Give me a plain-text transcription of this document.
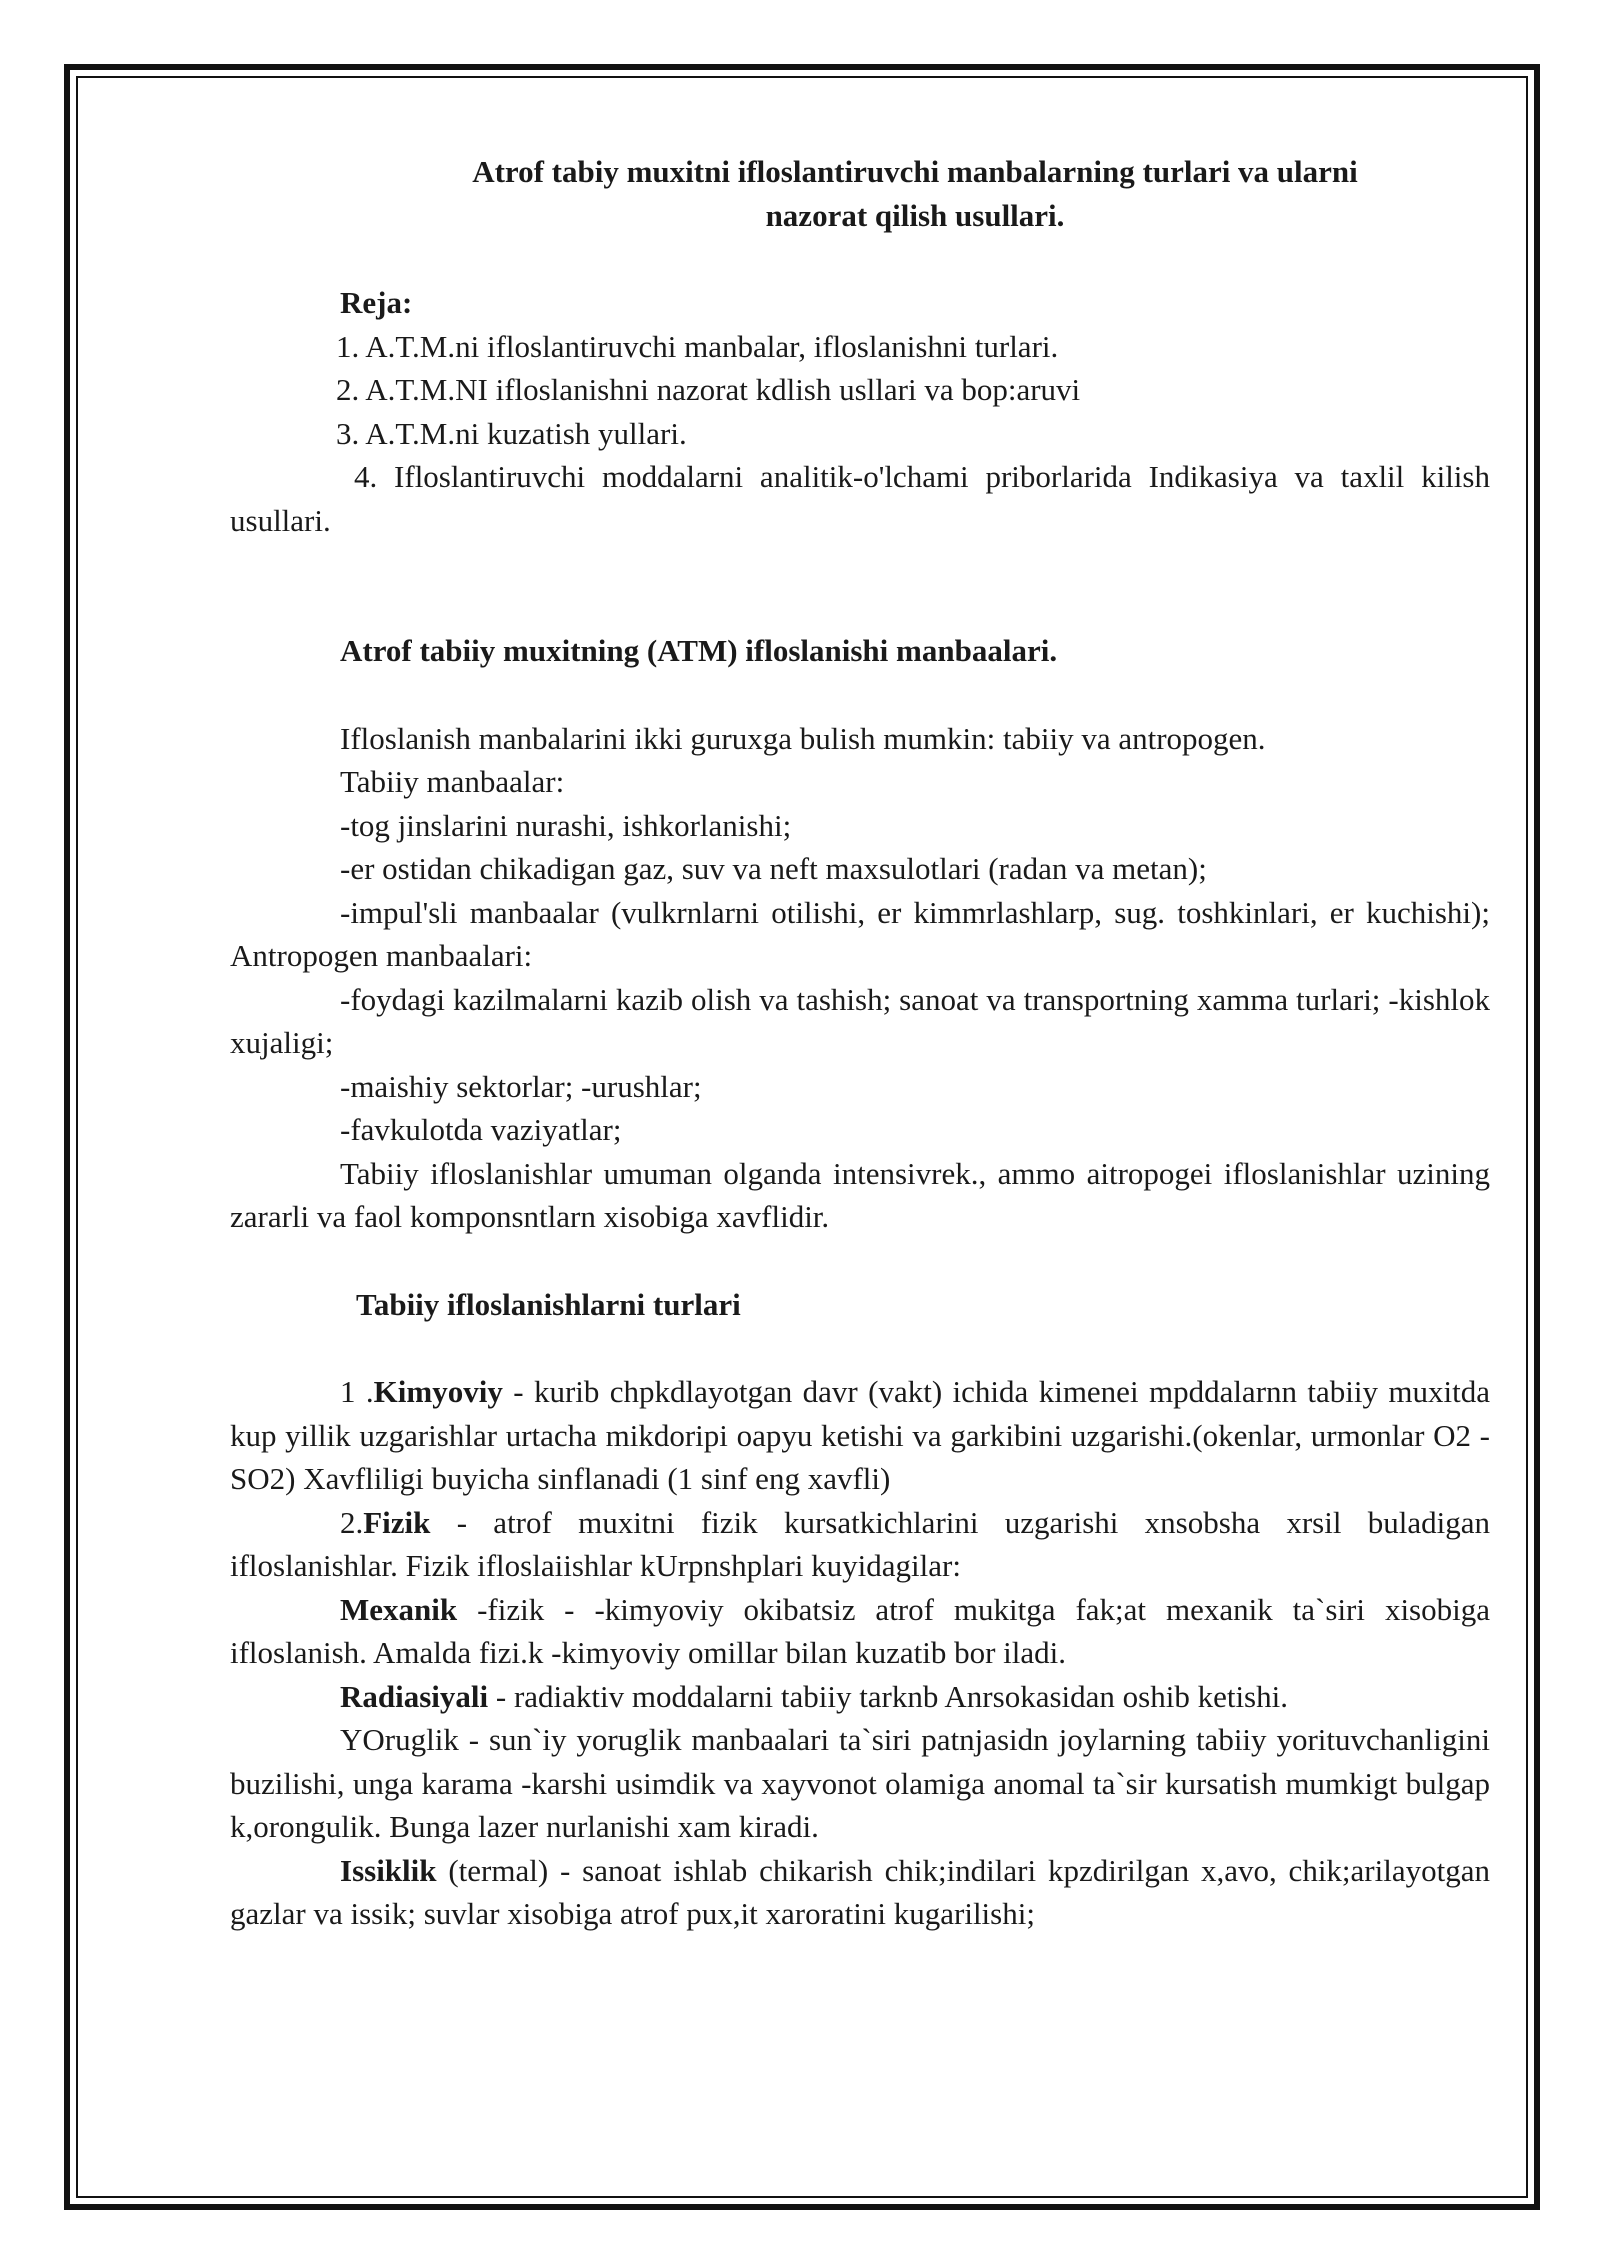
Atrof tabiy muxitni ifloslantiruvchi manbalarning turlari va ularni

nazorat qilish usullari.

Reja:

1. A.T.M.ni ifloslantiruvchi manbalar, ifloslanishni turlari.

2. A.T.M.NI ifloslanishni nazorat kdlish usllari va bop:aruvi

3. A.T.M.ni kuzatish yullari.

4. Ifloslantiruvchi moddalarni analitik-o'lchami priborlarida Indikasiya va taxlil kilish usullari.

Atrof tabiiy muxitning (ATM) ifloslanishi manbaalari.

Ifloslanish manbalarini ikki guruxga bulish mumkin: tabiiy va antropogen.

Tabiiy manbaalar:

-tog jinslarini nurashi, ishkorlanishi;

-er ostidan chikadigan gaz, suv va neft maxsulotlari (radan va metan);

-impul'sli manbaalar (vulkrnlarni otilishi, er kimmrlashlarp, sug. toshkinlari, er kuchishi); Antropogen manbaalari:

-foydagi kazilmalarni kazib olish va tashish; sanoat va transportning xamma turlari; -kishlok xujaligi;

-maishiy sektorlar; -urushlar;

-favkulotda vaziyatlar;

Tabiiy ifloslanishlar umuman olganda intensivrek., ammo aitropogei ifloslanishlar uzining zararli va faol komponsntlarn xisobiga xavflidir.

Tabiiy ifloslanishlarni turlari

1 .Kimyoviy - kurib chpkdlayotgan davr (vakt) ichida kimenei mpddalarnn tabiiy muxitda kup yillik uzgarishlar urtacha mikdoripi oapyu ketishi va garkibini uzgarishi.(okenlar, urmonlar O2 -SO2) Xavfliligi buyicha sinflanadi (1 sinf eng xavfli)

2.Fizik - atrof muxitni fizik kursatkichlarini uzgarishi xnsobsha xrsil buladigan ifloslanishlar. Fizik ifloslaiishlar kUrpnshplari kuyidagilar:

Mexanik -fizik - -kimyoviy okibatsiz atrof mukitga fak;at mexanik ta`siri xisobiga ifloslanish. Amalda fizi.k -kimyoviy omillar bilan kuzatib bor iladi.

Radiasiyali - radiaktiv moddalarni tabiiy tarknb Anrsokasidan oshib ketishi.

YOruglik - sun`iy yoruglik manbaalari ta`siri patnjasidn joylarning tabiiy yorituvchanligini buzilishi, unga karama -karshi usimdik va xayvonot olamiga anomal ta`sir kursatish mumkigt bulgap k,orongulik. Bunga lazer nurlanishi xam kiradi.

Issiklik (termal) - sanoat ishlab chikarish chik;indilari kpzdirilgan x,avo, chik;arilayotgan gazlar va issik; suvlar xisobiga atrof pux,it xaroratini kugarilishi;
